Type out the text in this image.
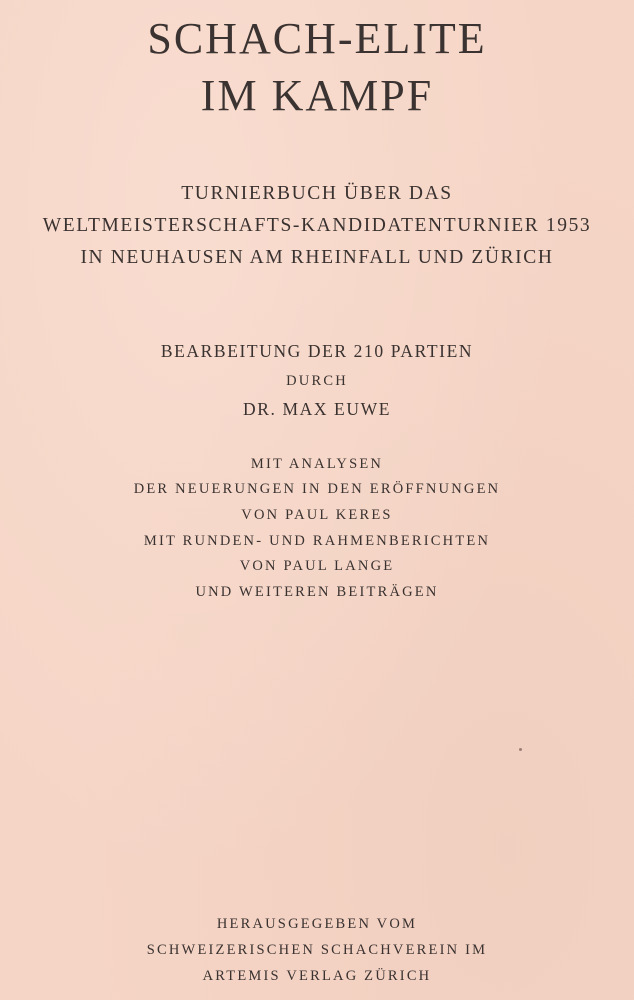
SCHACH-ELITE
IM KAMPF
TURNIERBUCH ÜBER DAS
WELTMEISTERSCHAFTS-KANDIDATENTURNIER 1953
IN NEUHAUSEN AM RHEINFALL UND ZÜRICH
BEARBEITUNG DER 210 PARTIEN
DURCH
DR. MAX EUWE
MIT ANALYSEN
DER NEUERUNGEN IN DEN ERÖFFNUNGEN
VON PAUL KERES
MIT RUNDEN- UND RAHMENBERICHTEN
VON PAUL LANGE
UND WEITEREN BEITRÄGEN
HERAUSGEGEBEN VOM
SCHWEIZERISCHEN SCHACHVEREIN IM
ARTEMIS VERLAG ZÜRICH
